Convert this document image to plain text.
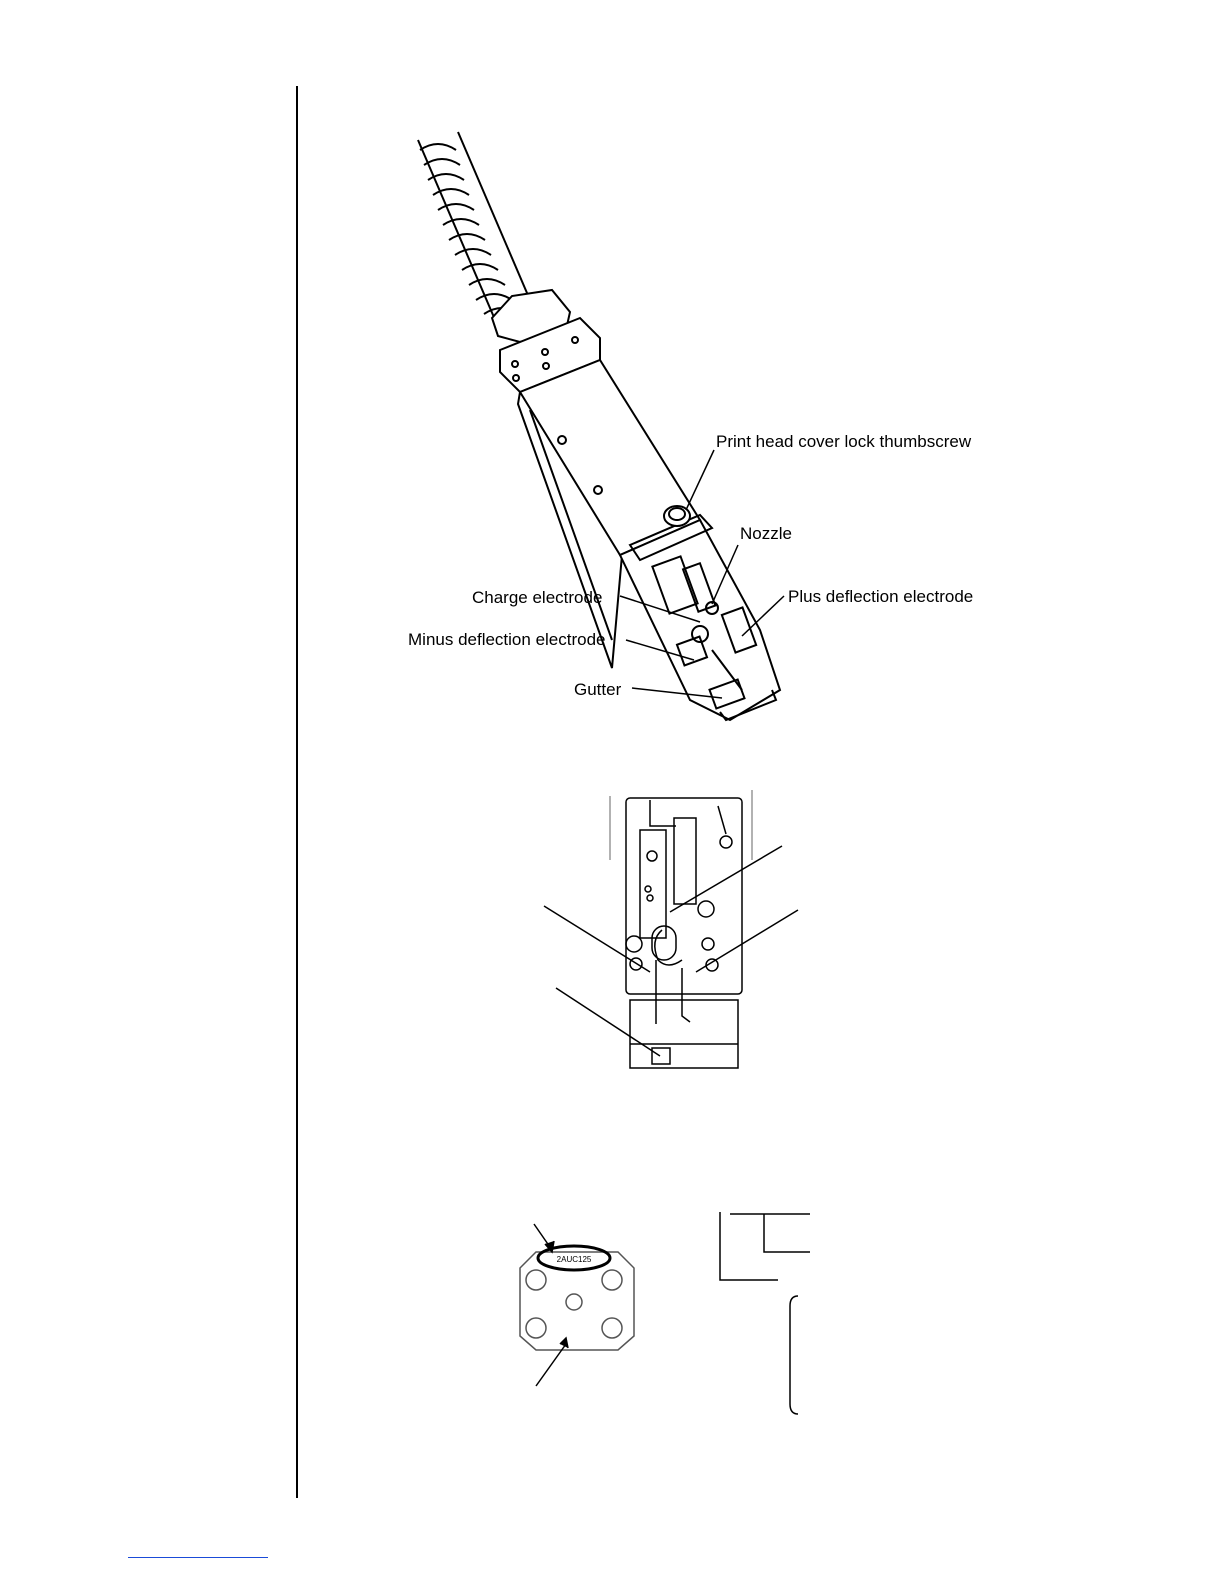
2AUC125
Print head cover lock thumbscrew
Nozzle
Charge electrode	Plus deflection electrode
Minus deflection electrode
Gutter
